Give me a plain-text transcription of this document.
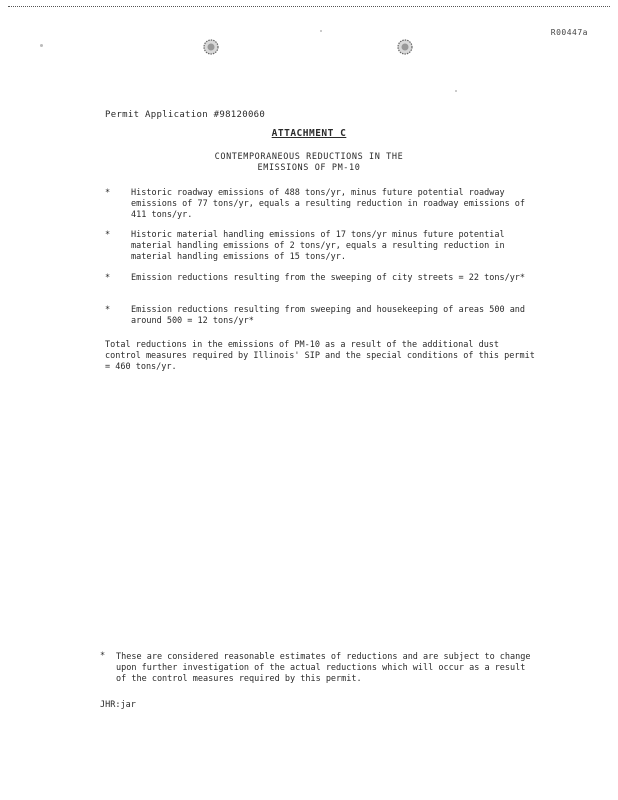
R00447a
Permit Application #98120060
ATTACHMENT C
CONTEMPORANEOUS REDUCTIONS IN THE
EMISSIONS OF PM-10
* Historic roadway emissions of 488 tons/yr, minus future potential roadway emissions of 77 tons/yr, equals a resulting reduction in roadway emissions of 411 tons/yr.
* Historic material handling emissions of 17 tons/yr minus future potential material handling emissions of 2 tons/yr, equals a resulting reduction in material handling emissions of 15 tons/yr.
* Emission reductions resulting from the sweeping of city streets = 22 tons/yr*
* Emission reductions resulting from sweeping and housekeeping of areas 500 and around 500 = 12 tons/yr*
Total reductions in the emissions of PM-10 as a result of the additional dust control measures required by Illinois' SIP and the special conditions of this permit = 460 tons/yr.
* These are considered reasonable estimates of reductions and are subject to change upon further investigation of the actual reductions which will occur as a result of the control measures required by this permit.
JHR:jar
